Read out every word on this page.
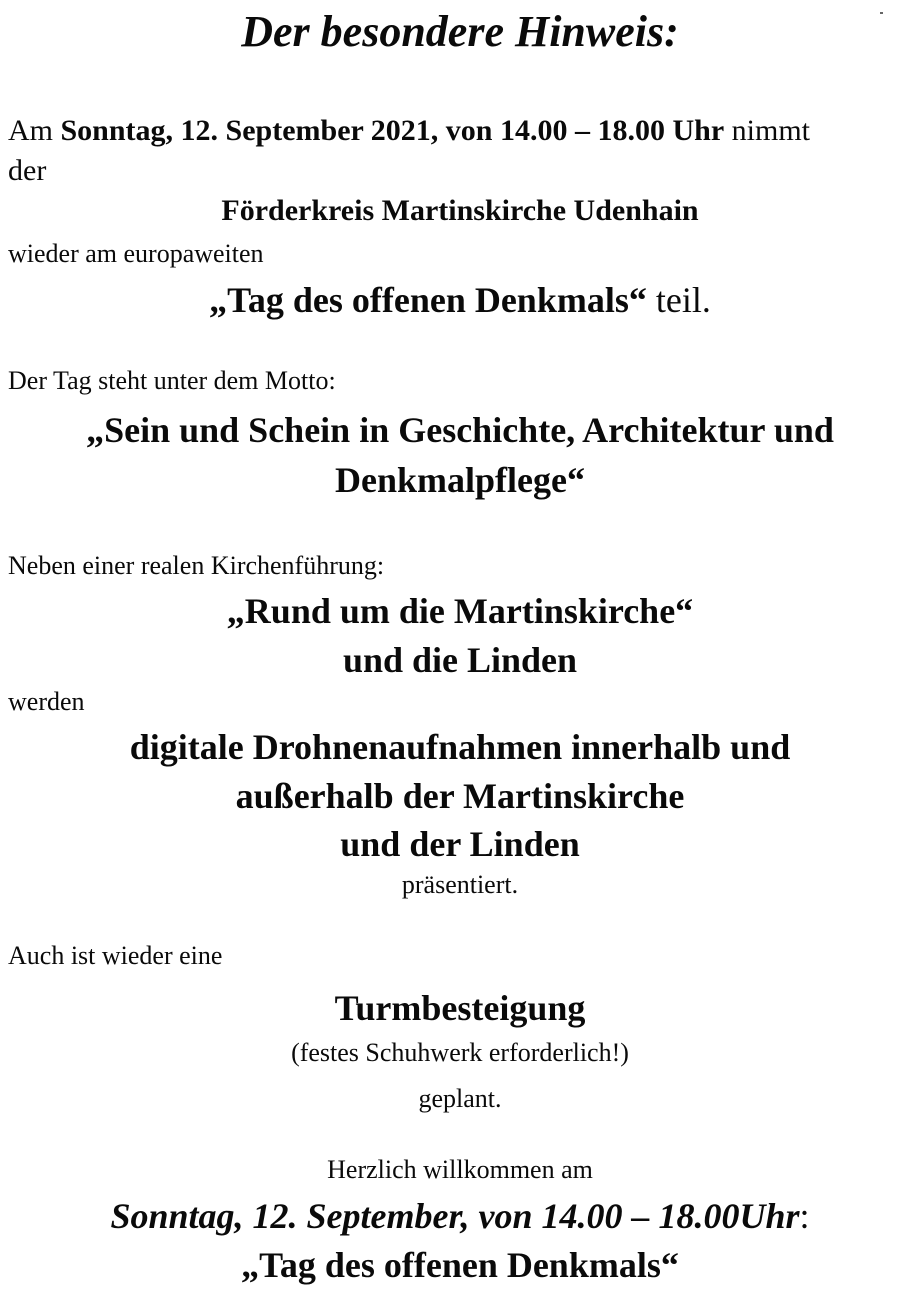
Der besondere Hinweis:
Am Sonntag, 12. September 2021, von 14.00 – 18.00 Uhr nimmt
der
Förderkreis Martinskirche Udenhain
wieder am europaweiten
„Tag des offenen Denkmals“ teil.
Der Tag steht unter dem Motto:
„Sein und Schein in Geschichte, Architektur und
Denkmalpflege“
Neben einer realen Kirchenführung:
„Rund um die Martinskirche“
und die Linden
werden
digitale Drohnenaufnahmen innerhalb und
außerhalb der Martinskirche
und der Linden
präsentiert.
Auch ist wieder eine
Turmbesteigung
(festes Schuhwerk erforderlich!)
geplant.
Herzlich willkommen am
Sonntag, 12. September, von 14.00 – 18.00Uhr:
„Tag des offenen Denkmals“
